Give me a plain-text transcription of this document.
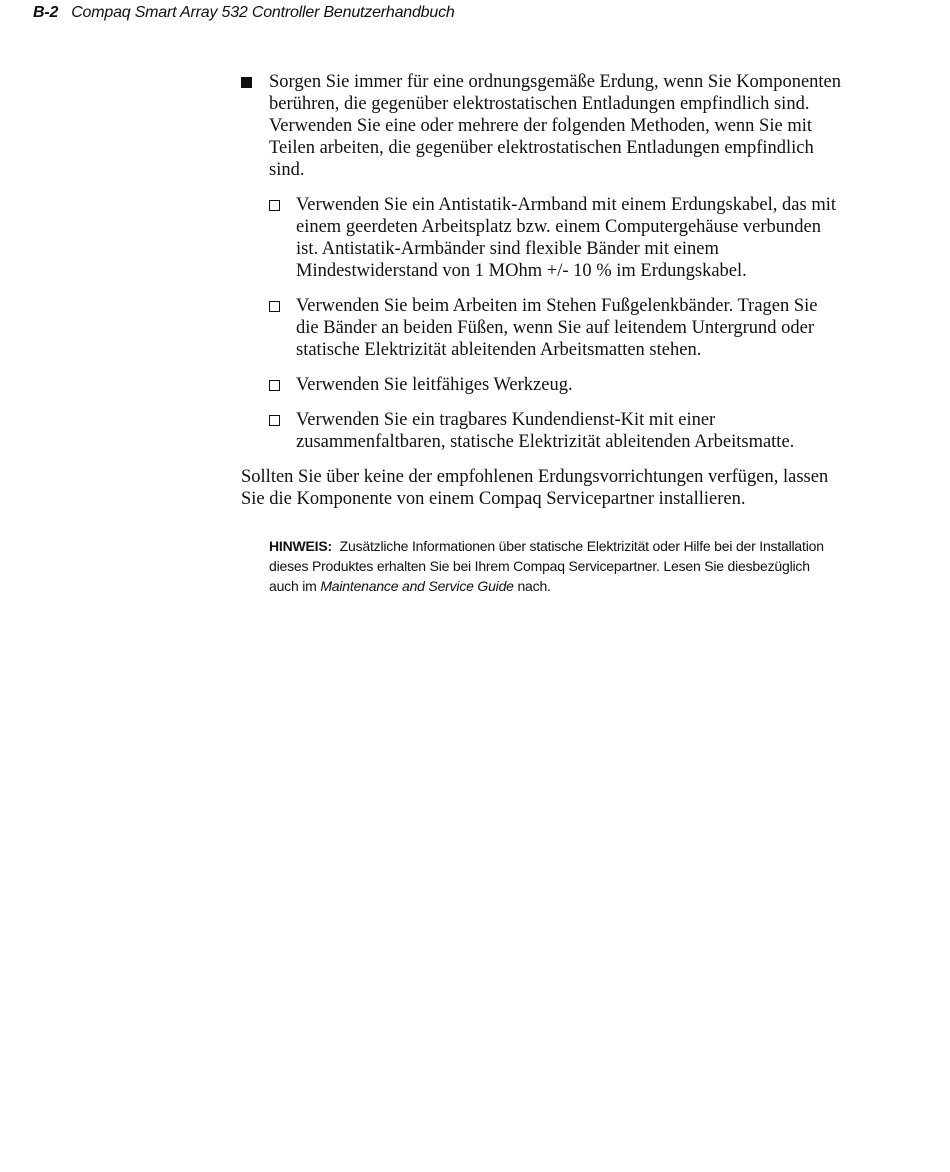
B-2 Compaq Smart Array 532 Controller Benutzerhandbuch
Sorgen Sie immer für eine ordnungsgemäße Erdung, wenn Sie Komponenten berühren, die gegenüber elektrostatischen Entladungen empfindlich sind. Verwenden Sie eine oder mehrere der folgenden Methoden, wenn Sie mit Teilen arbeiten, die gegenüber elektrostatischen Entladungen empfindlich sind.
Verwenden Sie ein Antistatik-Armband mit einem Erdungskabel, das mit einem geerdeten Arbeitsplatz bzw. einem Computergehäuse verbunden ist. Antistatik-Armbänder sind flexible Bänder mit einem Mindestwiderstand von 1 MOhm +/- 10 % im Erdungskabel.
Verwenden Sie beim Arbeiten im Stehen Fußgelenkbänder. Tragen Sie die Bänder an beiden Füßen, wenn Sie auf leitendem Untergrund oder statische Elektrizität ableitenden Arbeitsmatten stehen.
Verwenden Sie leitfähiges Werkzeug.
Verwenden Sie ein tragbares Kundendienst-Kit mit einer zusammenfaltbaren, statische Elektrizität ableitenden Arbeitsmatte.
Sollten Sie über keine der empfohlenen Erdungsvorrichtungen verfügen, lassen Sie die Komponente von einem Compaq Servicepartner installieren.
HINWEIS: Zusätzliche Informationen über statische Elektrizität oder Hilfe bei der Installation dieses Produktes erhalten Sie bei Ihrem Compaq Servicepartner. Lesen Sie diesbezüglich auch im Maintenance and Service Guide nach.
